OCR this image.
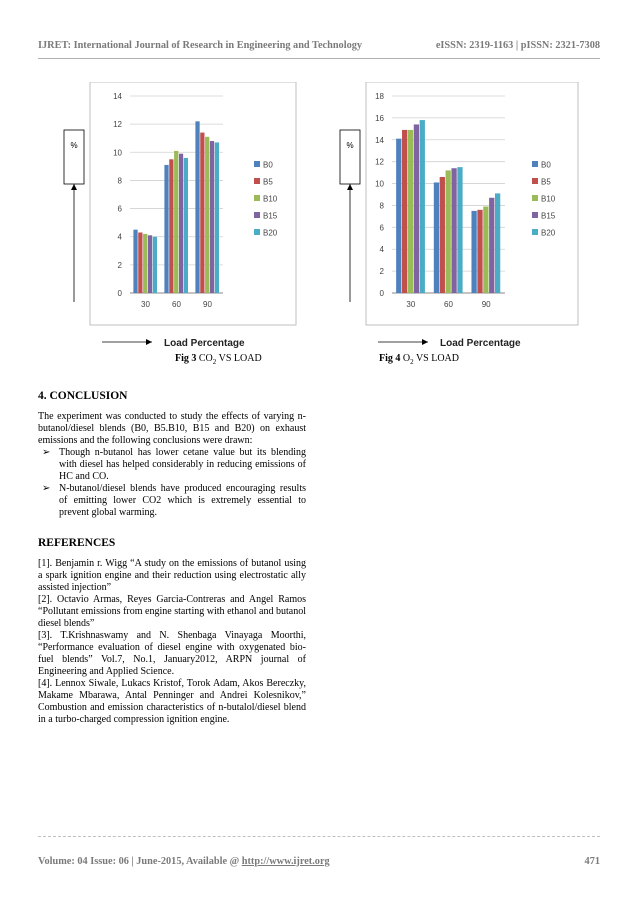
IJRET: International Journal of Research in Engineering and Technology	eISSN: 2319-1163 | pISSN: 2321-7308
0
2
4
6
8
10
12
14
30	60	90
B0
B5
B10
B15
B20
%
Load Percentage
Fig 3 $CO_2$ VS LOAD
0
2
4
6
8
10
12
14
16
18
30	60	90
B0
B5
B10
B15
B20
%
Load Percentage
Fig 4 $O_2$ VS LOAD
4. CONCLUSION

The experiment was conducted to study the effects of varying n-butanol/diesel blends (B0, B5.B10, B15 and B20) on exhaust emissions and the following conclusions were drawn:

➢ Though n-butanol has lower cetane value but its blending with diesel has helped considerably in reducing emissions of HC and CO.
➢ N-butanol/diesel blends have produced encouraging results of emitting lower CO2 which is extremely essential to prevent global warming.
REFERENCES

[1]. Benjamin r. Wigg “A study on the emissions of butanol using a spark ignition engine and their reduction using electrostatic ally assisted injection”

[2]. Octavio Armas, Reyes Garcia-Contreras and Angel Ramos “Pollutant emissions from engine starting with ethanol and butanol diesel blends”

[3]. T.Krishnaswamy and N. Shenbaga Vinayaga Moorthi, “Performance evaluation of diesel engine with oxygenated bio-fuel blends” Vol.7, No.1, January2012, ARPN journal of Engineering and Applied Science.

[4]. Lennox Siwale, Lukacs Kristof, Torok Adam, Akos Bereczky, Makame Mbarawa, Antal Penninger and Andrei Kolesnikov,” Combustion and emission characteristics of n-butalol/diesel blend in a turbo-charged compression ignition engine.

Volume: 04 Issue: 06 | June-2015, Available @ http://www.ijret.org	471
